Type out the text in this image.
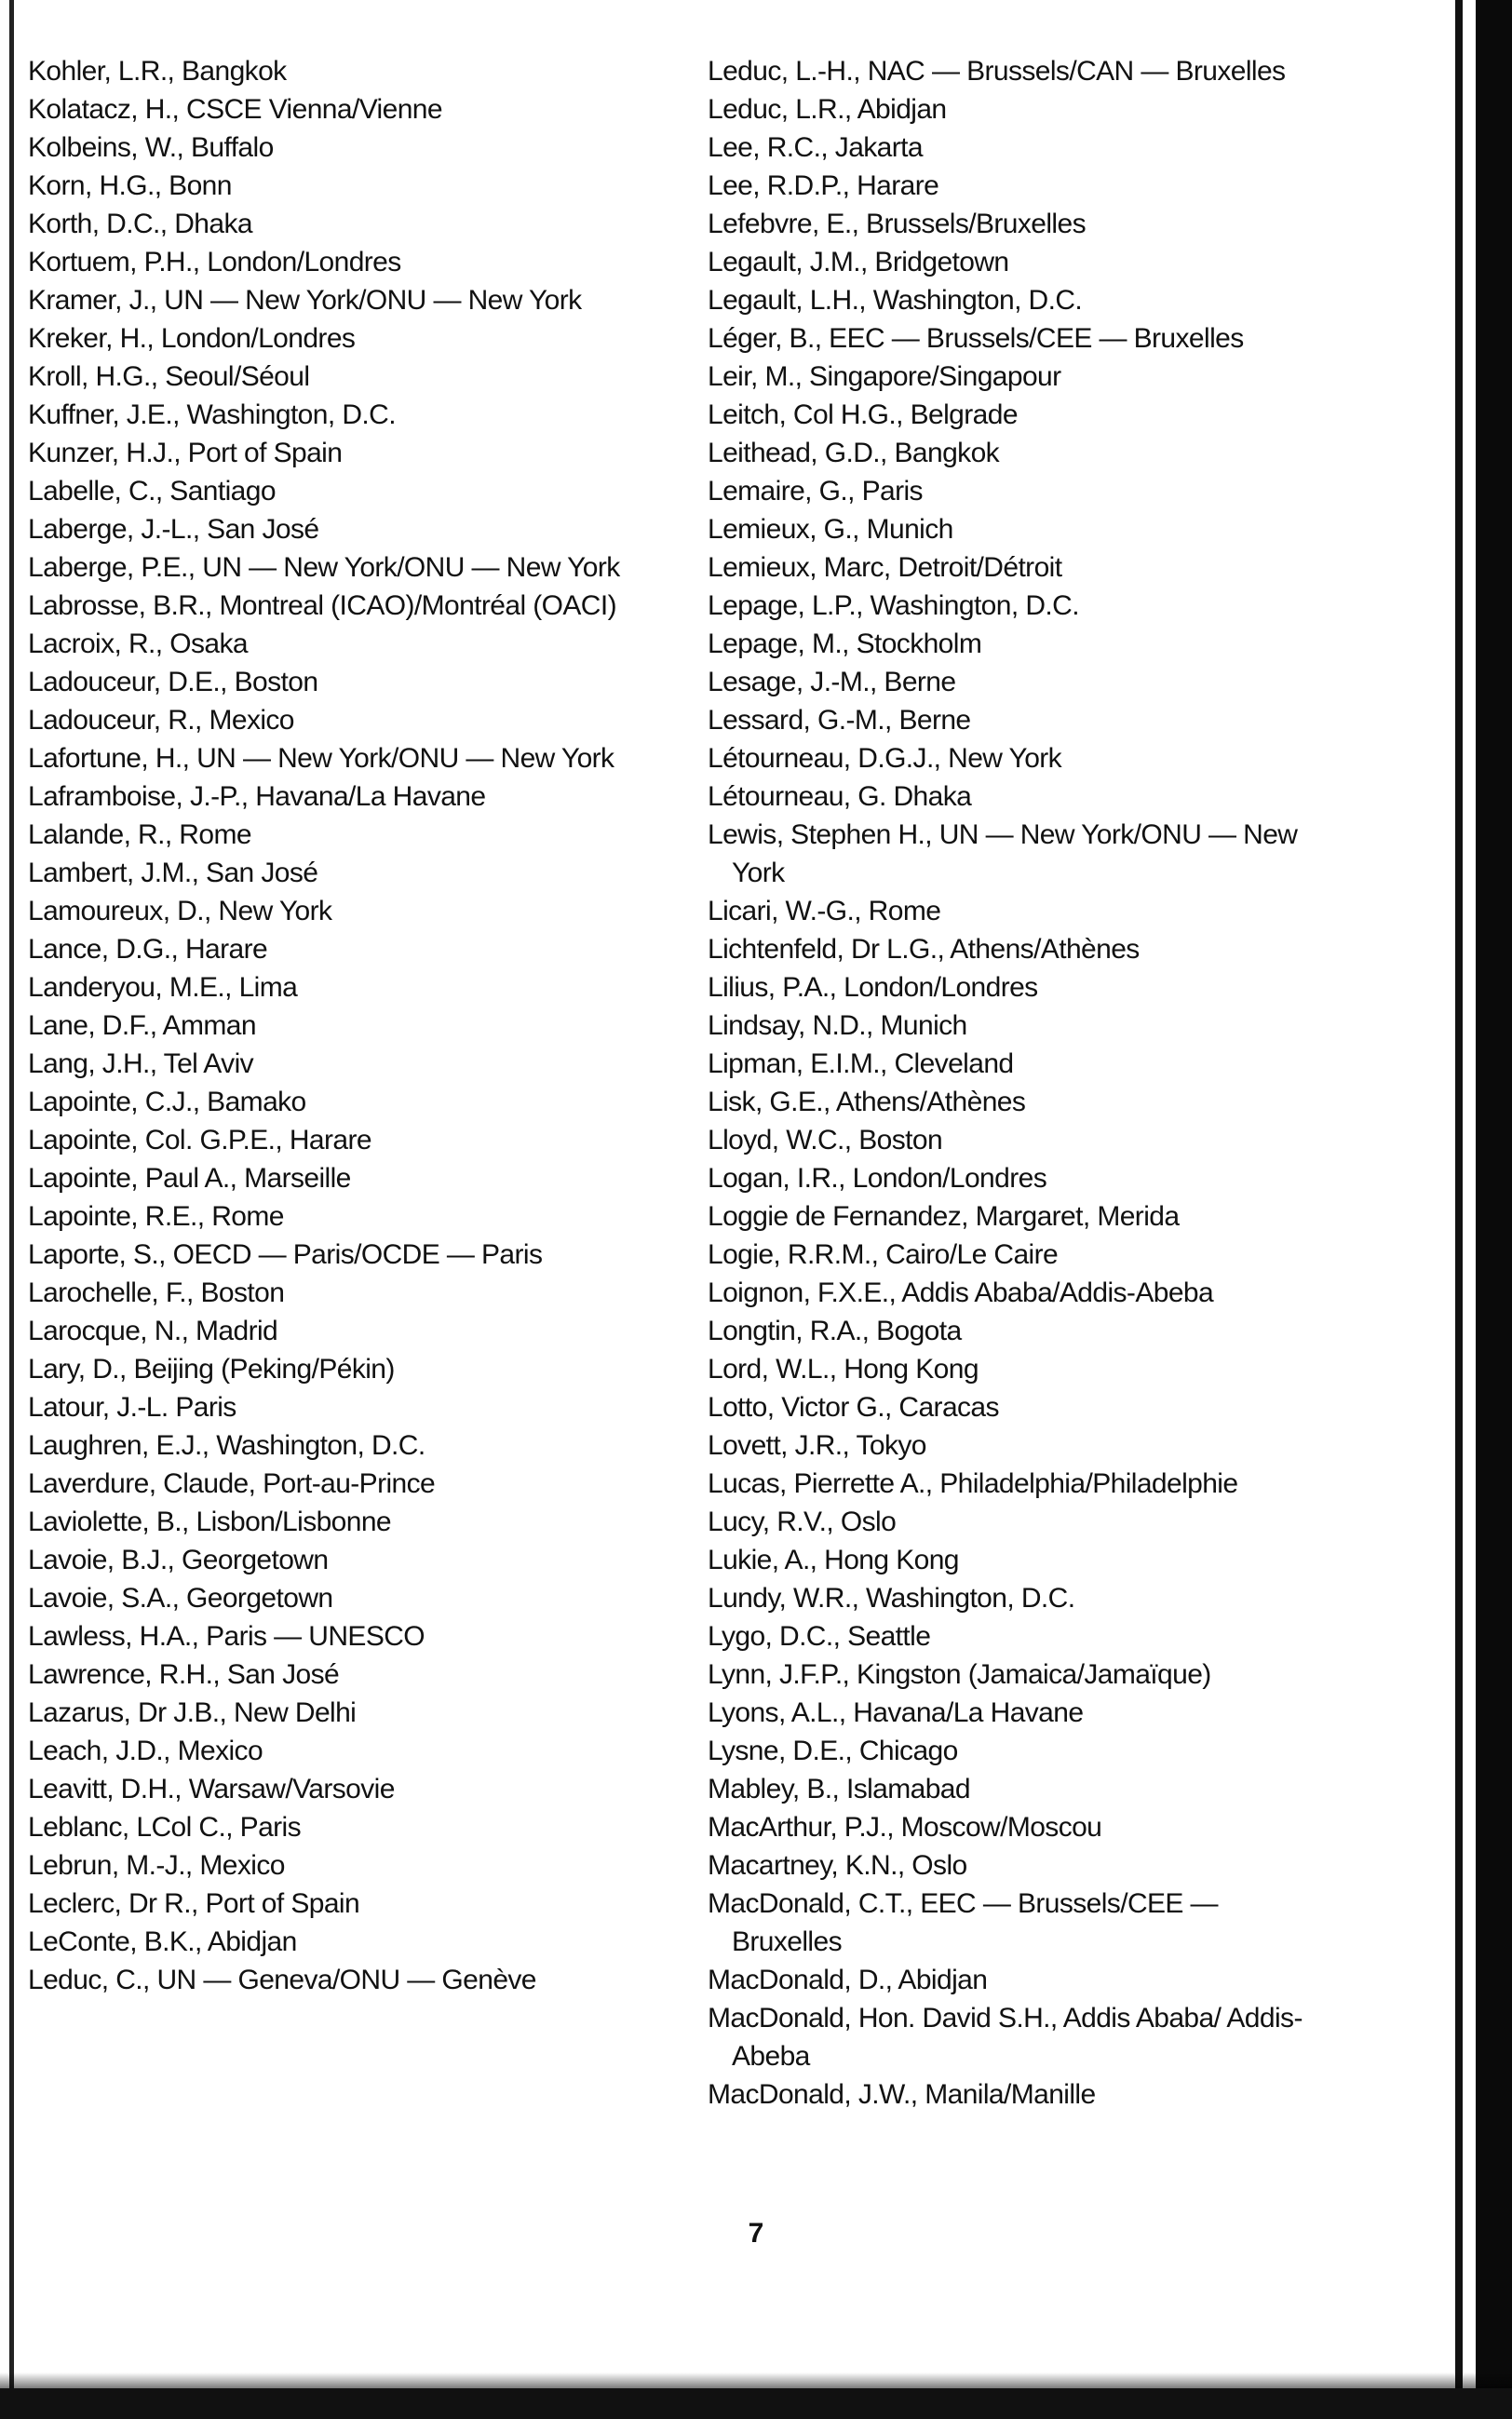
Kohler, L.R., Bangkok
Kolatacz, H., CSCE Vienna/Vienne
Kolbeins, W., Buffalo
Korn, H.G., Bonn
Korth, D.C., Dhaka
Kortuem, P.H., London/Londres
Kramer, J., UN — New York/ONU — New York
Kreker, H., London/Londres
Kroll, H.G., Seoul/Séoul
Kuffner, J.E., Washington, D.C.
Kunzer, H.J., Port of Spain
Labelle, C., Santiago
Laberge, J.-L., San José
Laberge, P.E., UN — New York/ONU — New York
Labrosse, B.R., Montreal (ICAO)/Montréal (OACI)
Lacroix, R., Osaka
Ladouceur, D.E., Boston
Ladouceur, R., Mexico
Lafortune, H., UN — New York/ONU — New York
Laframboise, J.-P., Havana/La Havane
Lalande, R., Rome
Lambert, J.M., San José
Lamoureux, D., New York
Lance, D.G., Harare
Landeryou, M.E., Lima
Lane, D.F., Amman
Lang, J.H., Tel Aviv
Lapointe, C.J., Bamako
Lapointe, Col. G.P.E., Harare
Lapointe, Paul A., Marseille
Lapointe, R.E., Rome
Laporte, S., OECD — Paris/OCDE — Paris
Larochelle, F., Boston
Larocque, N., Madrid
Lary, D., Beijing (Peking/Pékin)
Latour, J.-L. Paris
Laughren, E.J., Washington, D.C.
Laverdure, Claude, Port-au-Prince
Laviolette, B., Lisbon/Lisbonne
Lavoie, B.J., Georgetown
Lavoie, S.A., Georgetown
Lawless, H.A., Paris — UNESCO
Lawrence, R.H., San José
Lazarus, Dr J.B., New Delhi
Leach, J.D., Mexico
Leavitt, D.H., Warsaw/Varsovie
Leblanc, LCol C., Paris
Lebrun, M.-J., Mexico
Leclerc, Dr R., Port of Spain
LeConte, B.K., Abidjan
Leduc, C., UN — Geneva/ONU — Genève
Leduc, L.-H., NAC — Brussels/CAN — Bruxelles
Leduc, L.R., Abidjan
Lee, R.C., Jakarta
Lee, R.D.P., Harare
Lefebvre, E., Brussels/Bruxelles
Legault, J.M., Bridgetown
Legault, L.H., Washington, D.C.
Léger, B., EEC — Brussels/CEE — Bruxelles
Leir, M., Singapore/Singapour
Leitch, Col H.G., Belgrade
Leithead, G.D., Bangkok
Lemaire, G., Paris
Lemieux, G., Munich
Lemieux, Marc, Detroit/Détroit
Lepage, L.P., Washington, D.C.
Lepage, M., Stockholm
Lesage, J.-M., Berne
Lessard, G.-M., Berne
Létourneau, D.G.J., New York
Létourneau, G. Dhaka
Lewis, Stephen H., UN — New York/ONU — New York
Licari, W.-G., Rome
Lichtenfeld, Dr L.G., Athens/Athènes
Lilius, P.A., London/Londres
Lindsay, N.D., Munich
Lipman, E.I.M., Cleveland
Lisk, G.E., Athens/Athènes
Lloyd, W.C., Boston
Logan, I.R., London/Londres
Loggie de Fernandez, Margaret, Merida
Logie, R.R.M., Cairo/Le Caire
Loignon, F.X.E., Addis Ababa/Addis-Abeba
Longtin, R.A., Bogota
Lord, W.L., Hong Kong
Lotto, Victor G., Caracas
Lovett, J.R., Tokyo
Lucas, Pierrette A., Philadelphia/Philadelphie
Lucy, R.V., Oslo
Lukie, A., Hong Kong
Lundy, W.R., Washington, D.C.
Lygo, D.C., Seattle
Lynn, J.F.P., Kingston (Jamaica/Jamaïque)
Lyons, A.L., Havana/La Havane
Lysne, D.E., Chicago
Mabley, B., Islamabad
MacArthur, P.J., Moscow/Moscou
Macartney, K.N., Oslo
MacDonald, C.T., EEC — Brussels/CEE — Bruxelles
MacDonald, D., Abidjan
MacDonald, Hon. David S.H., Addis Ababa/ Addis-Abeba
MacDonald, J.W., Manila/Manille
7
